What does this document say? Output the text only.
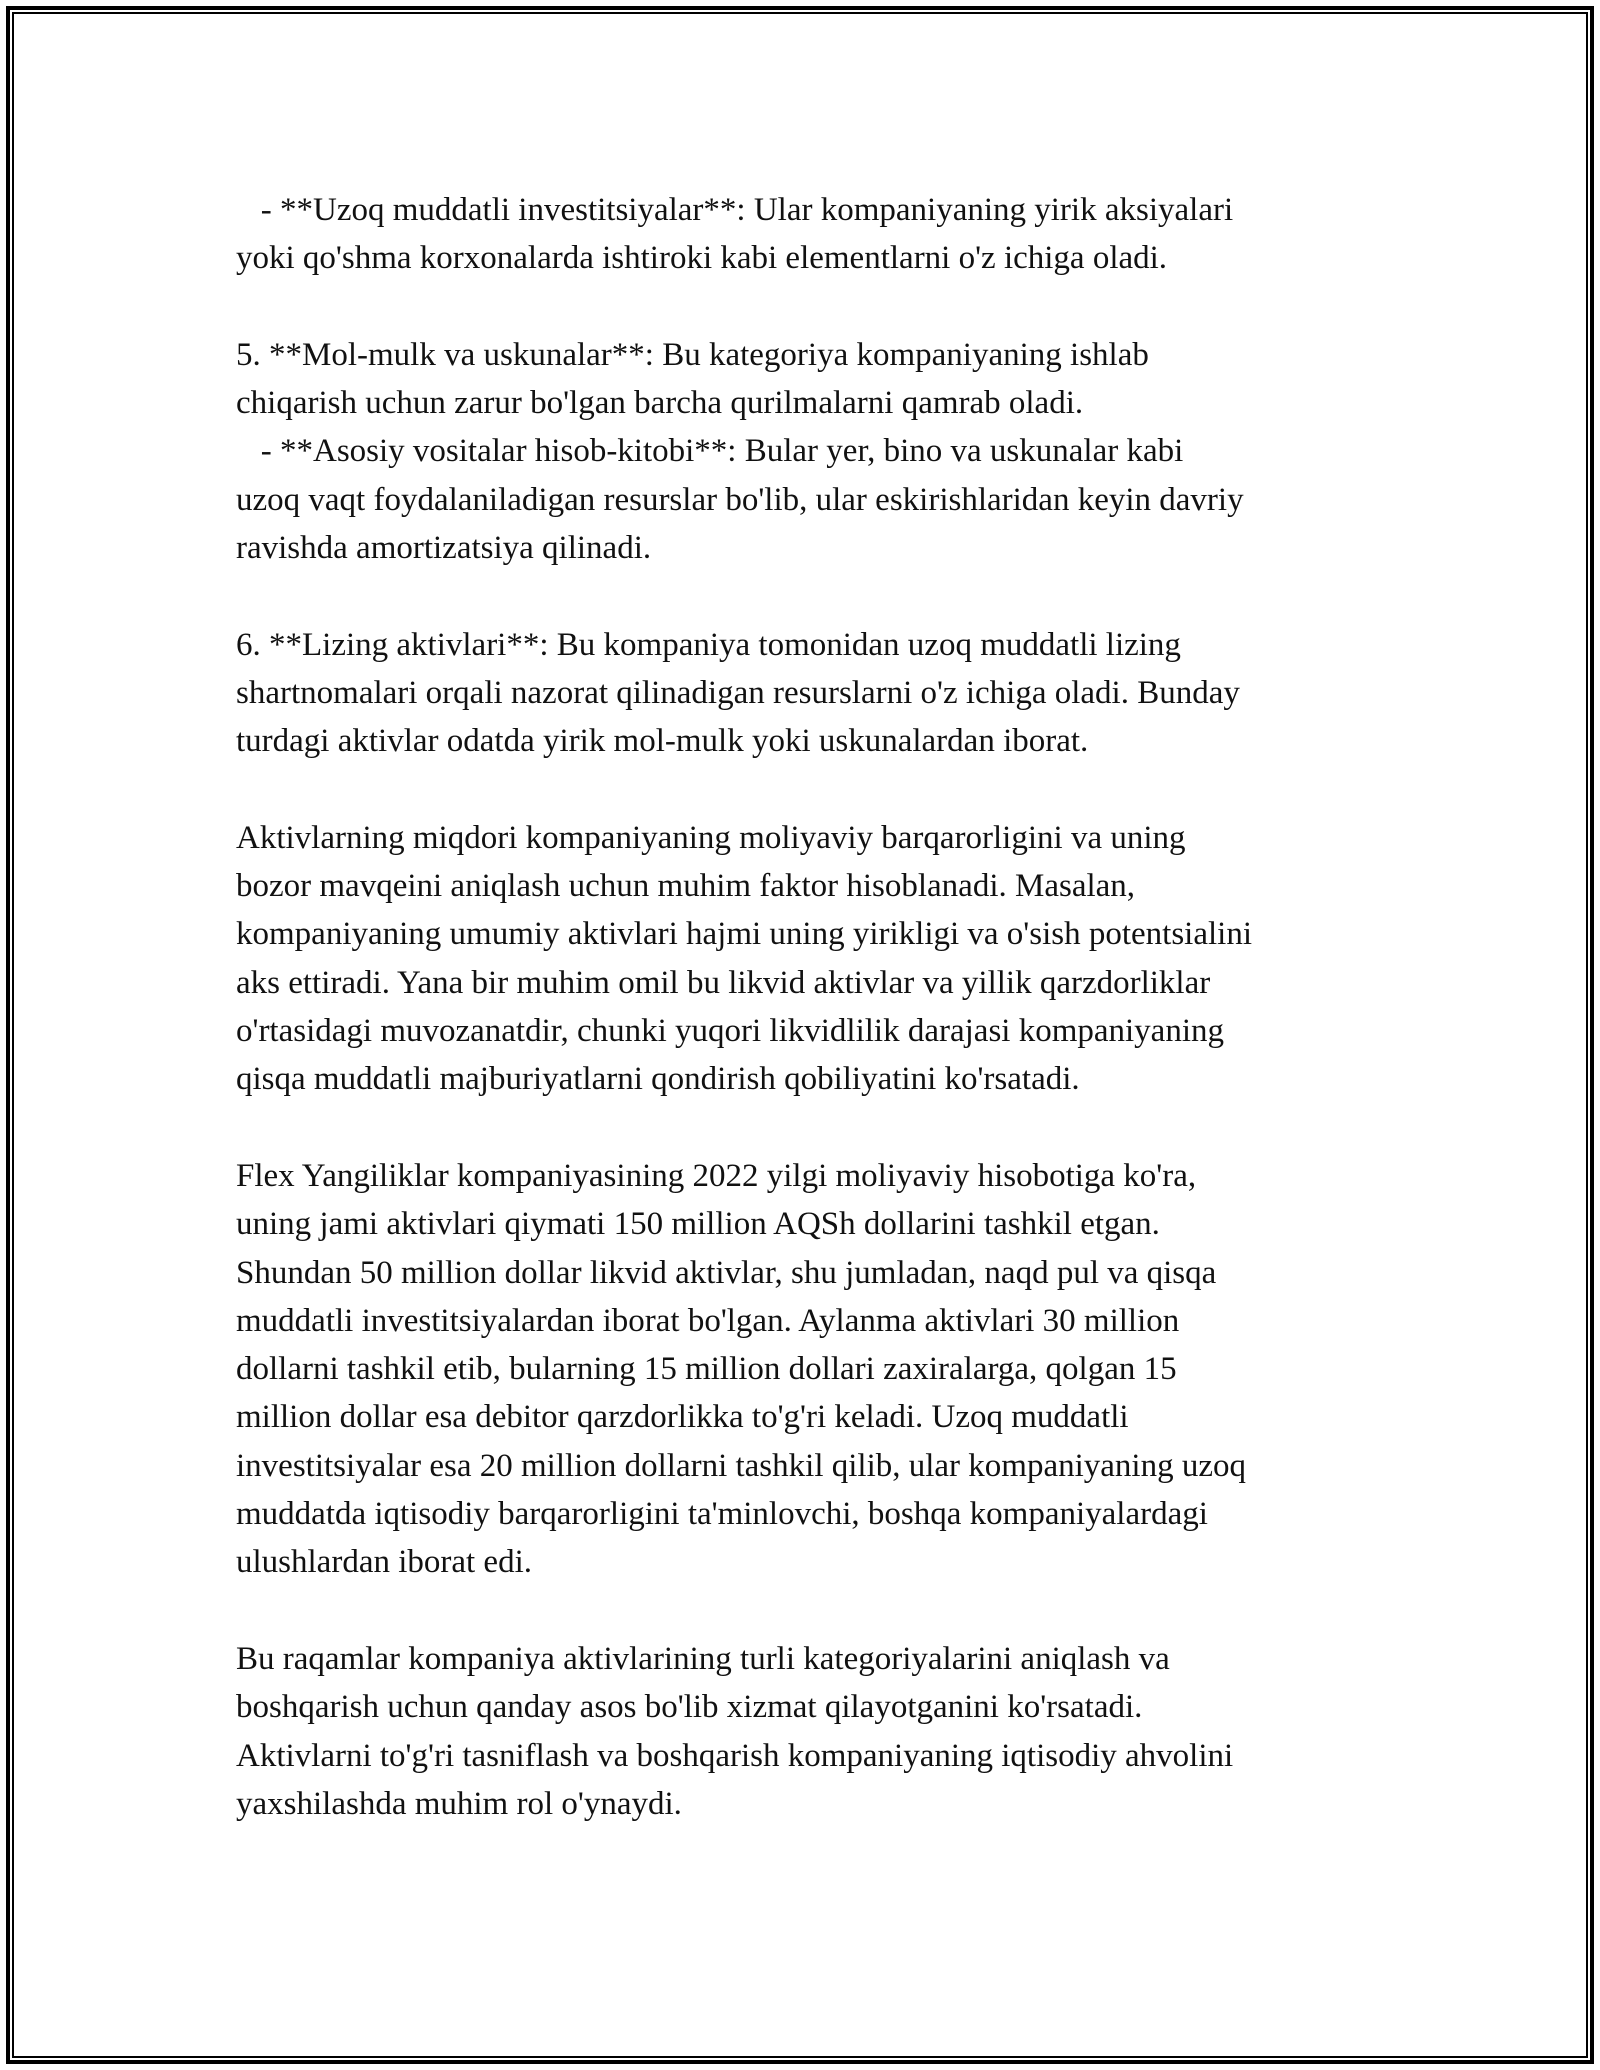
- **Uzoq muddatli investitsiyalar**: Ular kompaniyaning yirik aksiyalari
yoki qo'shma korxonalarda ishtiroki kabi elementlarni o'z ichiga oladi.
5. **Mol-mulk va uskunalar**: Bu kategoriya kompaniyaning ishlab
chiqarish uchun zarur bo'lgan barcha qurilmalarni qamrab oladi.
- **Asosiy vositalar hisob-kitobi**: Bular yer, bino va uskunalar kabi
uzoq vaqt foydalaniladigan resurslar bo'lib, ular eskirishlaridan keyin davriy
ravishda amortizatsiya qilinadi.
6. **Lizing aktivlari**: Bu kompaniya tomonidan uzoq muddatli lizing
shartnomalari orqali nazorat qilinadigan resurslarni o'z ichiga oladi. Bunday
turdagi aktivlar odatda yirik mol-mulk yoki uskunalardan iborat.
Aktivlarning miqdori kompaniyaning moliyaviy barqarorligini va uning
bozor mavqeini aniqlash uchun muhim faktor hisoblanadi. Masalan,
kompaniyaning umumiy aktivlari hajmi uning yirikligi va o'sish potentsialini
aks ettiradi. Yana bir muhim omil bu likvid aktivlar va yillik qarzdorliklar
o'rtasidagi muvozanatdir, chunki yuqori likvidlilik darajasi kompaniyaning
qisqa muddatli majburiyatlarni qondirish qobiliyatini ko'rsatadi.
Flex Yangiliklar kompaniyasining 2022 yilgi moliyaviy hisobotiga ko'ra,
uning jami aktivlari qiymati 150 million AQSh dollarini tashkil etgan.
Shundan 50 million dollar likvid aktivlar, shu jumladan, naqd pul va qisqa
muddatli investitsiyalardan iborat bo'lgan. Aylanma aktivlari 30 million
dollarni tashkil etib, bularning 15 million dollari zaxiralarga, qolgan 15
million dollar esa debitor qarzdorlikka to'g'ri keladi. Uzoq muddatli
investitsiyalar esa 20 million dollarni tashkil qilib, ular kompaniyaning uzoq
muddatda iqtisodiy barqarorligini ta'minlovchi, boshqa kompaniyalardagi
ulushlardan iborat edi.
Bu raqamlar kompaniya aktivlarining turli kategoriyalarini aniqlash va
boshqarish uchun qanday asos bo'lib xizmat qilayotganini ko'rsatadi.
Aktivlarni to'g'ri tasniflash va boshqarish kompaniyaning iqtisodiy ahvolini
yaxshilashda muhim rol o'ynaydi.
